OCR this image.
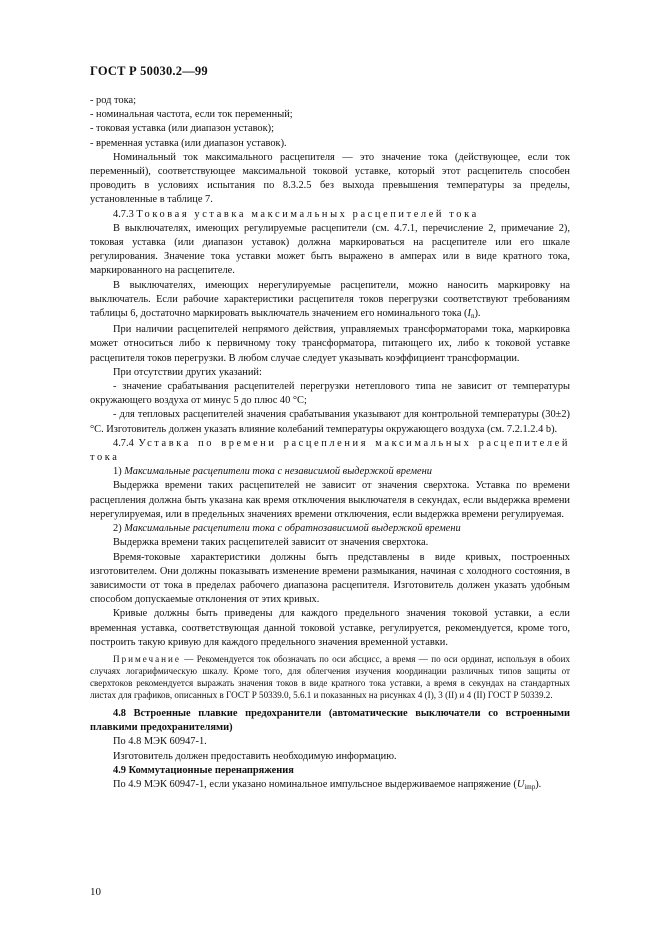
ГОСТ Р 50030.2—99

- род тока;

- номинальная частота, если ток переменный;

- токовая уставка (или диапазон уставок);

- временная уставка (или диапазон уставок).

Номинальный ток максимального расцепителя — это значение тока (действующее, если ток переменный), соответствующее максимальной токовой уставке, который этот расцепитель способен проводить в условиях испытания по 8.3.2.5 без выхода превышения температуры за пределы, установленные в таблице 7.

4.7.3 Токовая уставка максимальных расцепителей тока

В выключателях, имеющих регулируемые расцепители (см. 4.7.1, перечисление 2, примечание 2), токовая уставка (или диапазон уставок) должна маркироваться на расцепителе или его шкале регулирования. Значение тока уставки может быть выражено в амперах или в виде кратного тока, маркированного на расцепителе.

В выключателях, имеющих нерегулируемые расцепители, можно наносить маркировку на выключатель. Если рабочие характеристики расцепителя токов перегрузки соответствуют требованиям таблицы 6, достаточно маркировать выключатель значением его номинального тока $(I_n)$.

При наличии расцепителей непрямого действия, управляемых трансформаторами тока, маркировка может относиться либо к первичному току трансформатора, питающего их, либо к токовой уставке расцепителя токов перегрузки. В любом случае следует указывать коэффициент трансформации.

При отсутствии других указаний:

- значение срабатывания расцепителей перегрузки нетеплового типа не зависит от температуры окружающего воздуха от минус 5 до плюс 40 °С;

- для тепловых расцепителей значения срабатывания указывают для контрольной температуры (30±2) °С. Изготовитель должен указать влияние колебаний температуры окружающего воздуха (см. 7.2.1.2.4 b).

4.7.4 Уставка по времени расцепления максимальных расцепителей тока

1) Максимальные расцепители тока с независимой выдержкой времени

Выдержка времени таких расцепителей не зависит от значения сверхтока. Уставка по времени расцепления должна быть указана как время отключения выключателя в секундах, если выдержка времени нерегулируемая, или в предельных значениях времени отключения, если выдержка времени регулируемая.

2) Максимальные расцепители тока с обратнозависимой выдержкой времени

Выдержка времени таких расцепителей зависит от значения сверхтока.

Время-токовые характеристики должны быть представлены в виде кривых, построенных изготовителем. Они должны показывать изменение времени размыкания, начиная с холодного состояния, в зависимости от тока в пределах рабочего диапазона расцепителя. Изготовитель должен указать удобным способом допускаемые отклонения от этих кривых.

Кривые должны быть приведены для каждого предельного значения токовой уставки, а если временная уставка, соответствующая данной токовой уставке, регулируется, рекомендуется, кроме того, построить такую кривую для каждого предельного значения временной уставки.

Примечание — Рекомендуется ток обозначать по оси абсцисс, а время — по оси ординат, используя в обоих случаях логарифмическую шкалу. Кроме того, для облегчения изучения координации различных типов защиты от сверхтоков рекомендуется выражать значения токов в виде кратного тока уставки, а время в секундах на стандартных листах для графиков, описанных в ГОСТ Р 50339.0, 5.6.1 и показанных на рисунках 4 (I), 3 (II) и 4 (II) ГОСТ Р 50339.2.

4.8 Встроенные плавкие предохранители (автоматические выключатели со встроенными плавкими предохранителями)

По 4.8 МЭК 60947-1.

Изготовитель должен предоставить необходимую информацию.

4.9 Коммутационные перенапряжения

По 4.9 МЭК 60947-1, если указано номинальное импульсное выдерживаемое напряжение $(U_{imp})$.

10
